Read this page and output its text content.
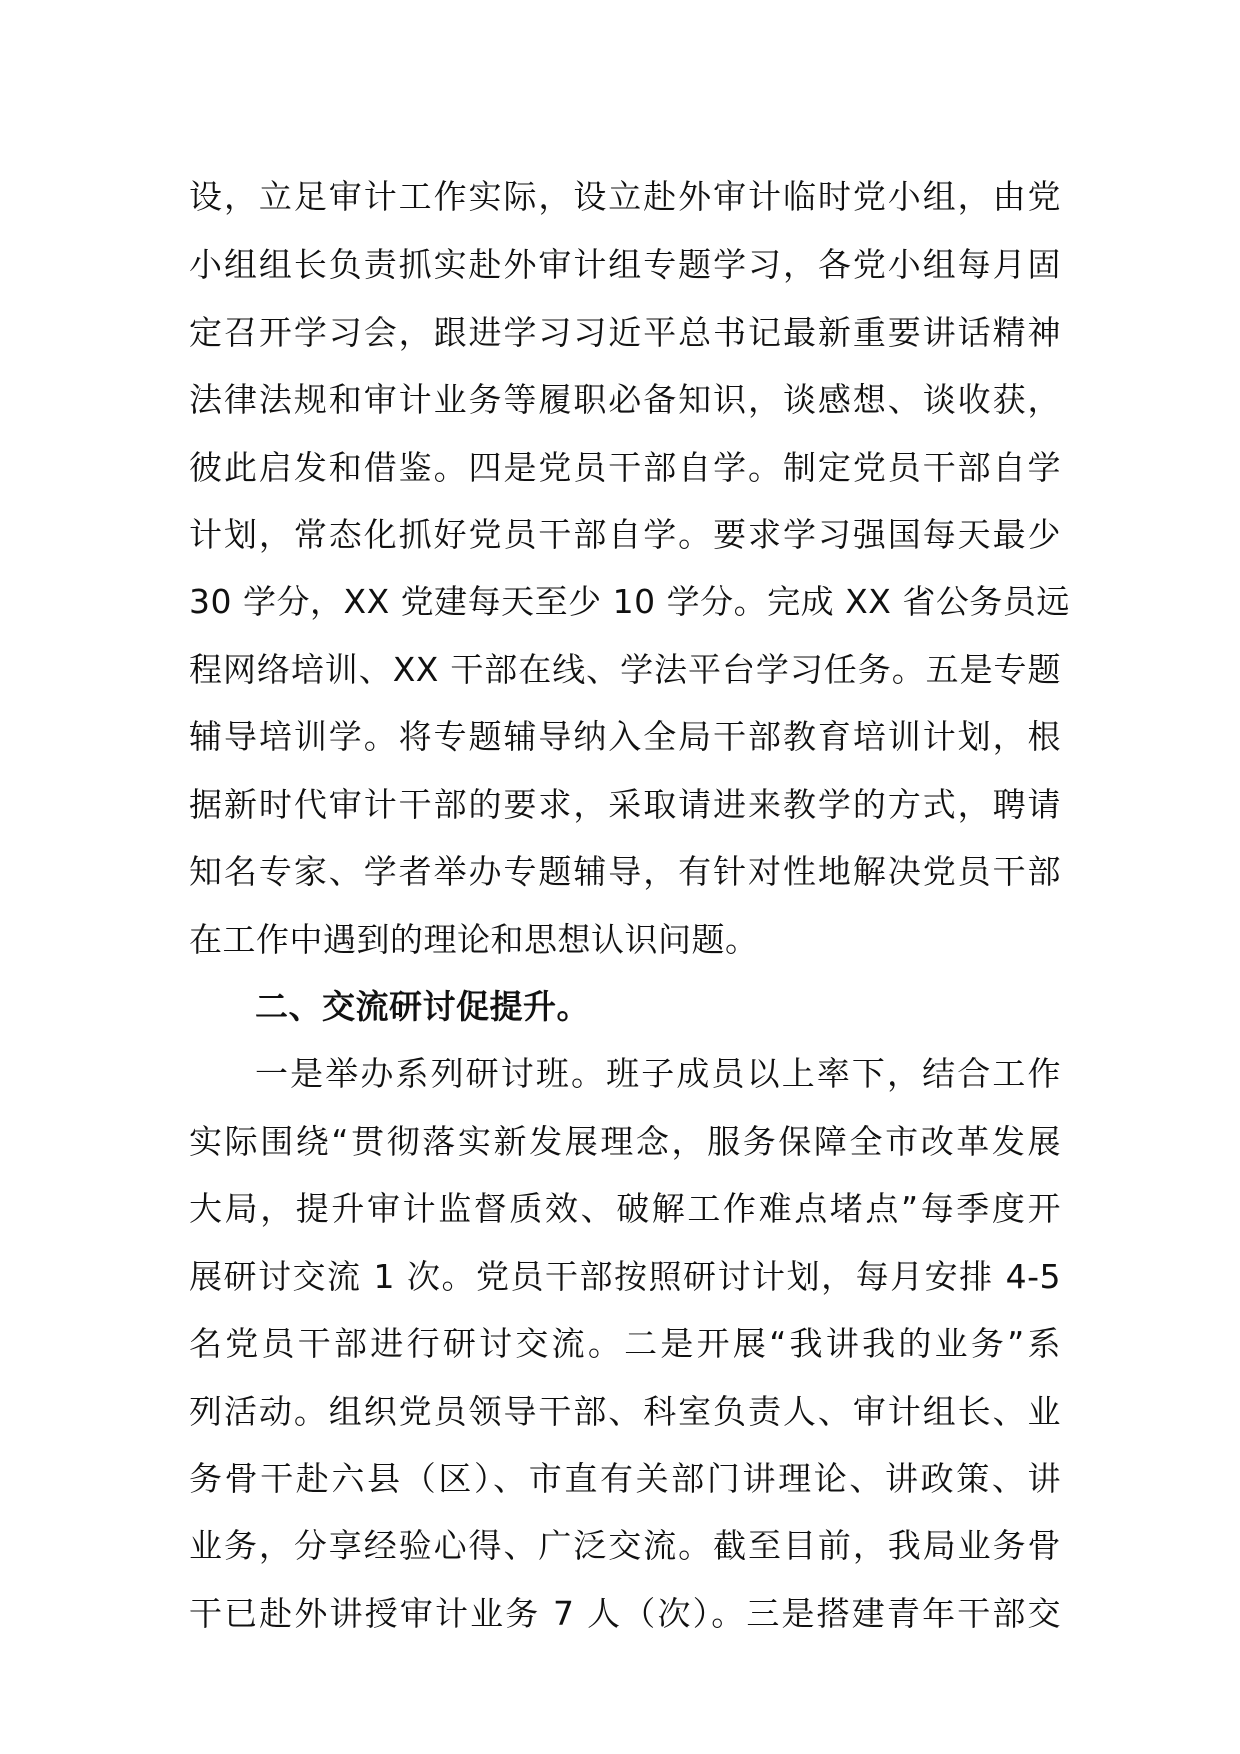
设，立足审计工作实际，设立赴外审计临时党小组，由党
小组组长负责抓实赴外审计组专题学习，各党小组每月固
定召开学习会，跟进学习习近平总书记最新重要讲话精神
法律法规和审计业务等履职必备知识，谈感想、谈收获，
彼此启发和借鉴。四是党员干部自学。制定党员干部自学
计划，常态化抓好党员干部自学。要求学习强国每天最少
30 学分，XX 党建每天至少 10 学分。完成 XX 省公务员远
程网络培训、XX 干部在线、学法平台学习任务。五是专题
辅导培训学。将专题辅导纳入全局干部教育培训计划，根
据新时代审计干部的要求，采取请进来教学的方式，聘请
知名专家、学者举办专题辅导，有针对性地解决党员干部
在工作中遇到的理论和思想认识问题。
二、交流研讨促提升。
一是举办系列研讨班。班子成员以上率下，结合工作
实际围绕“贯彻落实新发展理念，服务保障全市改革发展
大局，提升审计监督质效、破解工作难点堵点”每季度开
展研讨交流 1 次。党员干部按照研讨计划，每月安排 4-5
名党员干部进行研讨交流。二是开展“我讲我的业务”系
列活动。组织党员领导干部、科室负责人、审计组长、业
务骨干赴六县（区）、市直有关部门讲理论、讲政策、讲
业务，分享经验心得、广泛交流。截至目前，我局业务骨
干已赴外讲授审计业务 7 人（次）。三是搭建青年干部交
